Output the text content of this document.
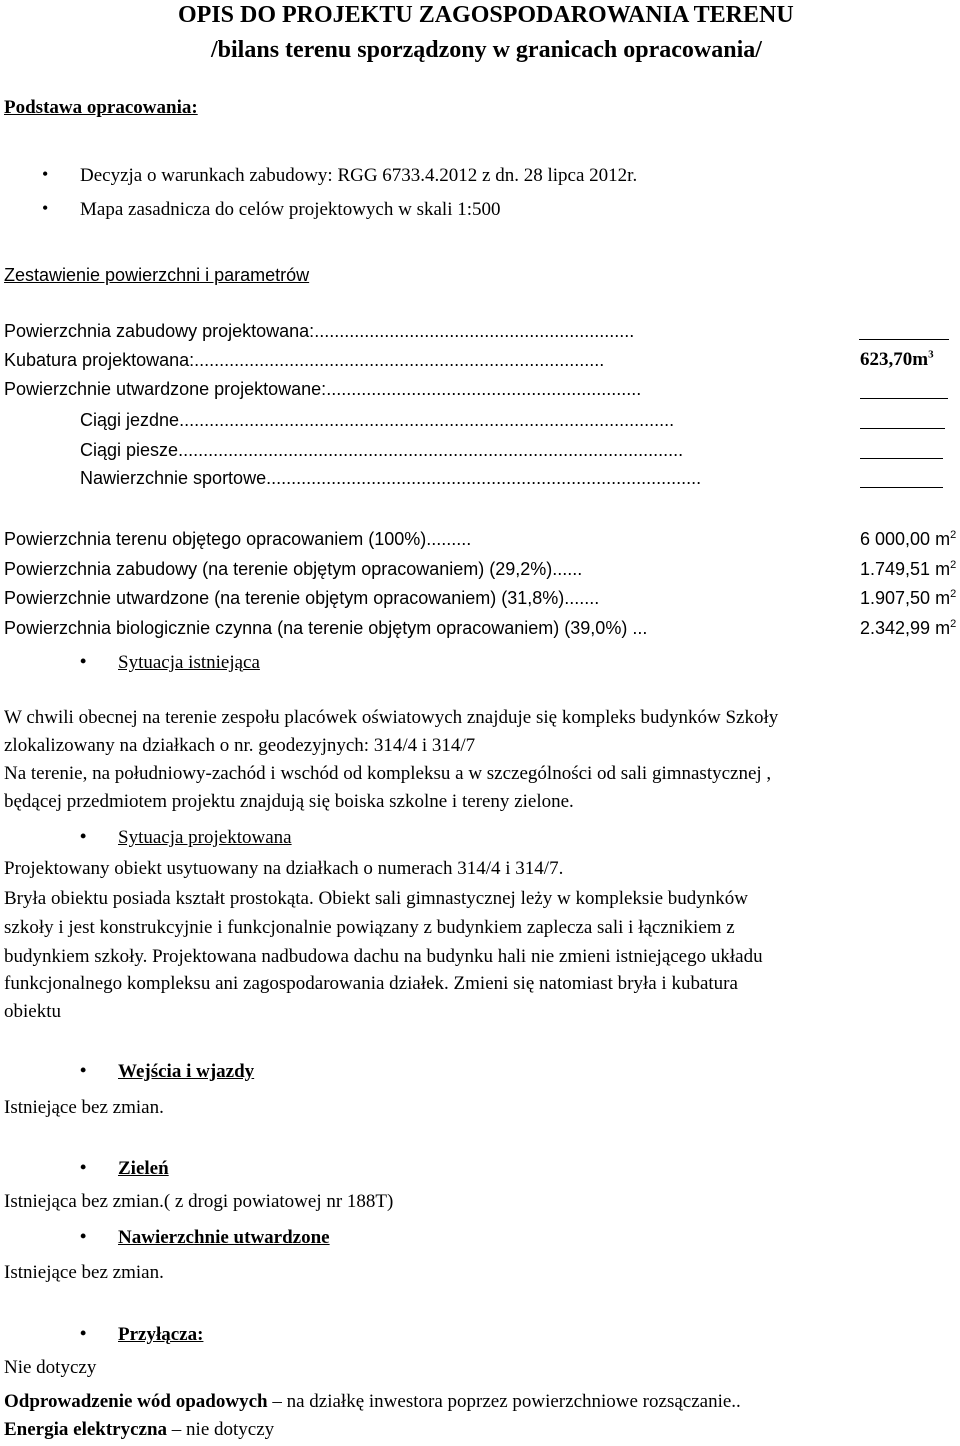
OPIS DO PROJEKTU ZAGOSPODAROWANIA TERENU
/bilans terenu sporządzony w granicach opracowania/
Podstawa opracowania:
• Decyzja o warunkach zabudowy: RGG 6733.4.2012 z dn. 28 lipca 2012r.
• Mapa zasadnicza do celów projektowych w skali 1:500
Zestawienie powierzchni i parametrów
Powierzchnia zabudowy projektowana:................................................................
Kubatura projektowana:..................................................................................	$623,70m^3$
Powierzchnie utwardzone projektowane:...............................................................
Ciągi jezdne...................................................................................................
Ciągi piesze.....................................................................................................
Nawierzchnie sportowe.......................................................................................
Powierzchnia terenu objętego opracowaniem (100%).........	6 000,00 $m^2$
Powierzchnia zabudowy (na terenie objętym opracowaniem) (29,2%)......	1.749,51 $m^2$
Powierzchnie utwardzone (na terenie objętym opracowaniem) (31,8%).......	1.907,50 $m^2$
Powierzchnia biologicznie czynna (na terenie objętym opracowaniem) (39,0%) ...	2.342,99 $m^2$
• Sytuacja istniejąca
W chwili obecnej na terenie zespołu placówek oświatowych znajduje się kompleks budynków Szkoły
zlokalizowany na działkach o nr. geodezyjnych: 314/4 i 314/7
Na terenie, na południowy-zachód i wschód od kompleksu a w szczególności od sali gimnastycznej ,
będącej przedmiotem projektu znajdują się boiska szkolne i tereny zielone.
• Sytuacja projektowana
Projektowany obiekt usytuowany na działkach o numerach 314/4 i 314/7.
Bryła obiektu posiada kształt prostokąta. Obiekt sali gimnastycznej leży w kompleksie budynków
szkoły i jest konstrukcyjnie i funkcjonalnie powiązany z budynkiem zaplecza sali i łącznikiem z
budynkiem szkoły. Projektowana nadbudowa dachu na budynku hali nie zmieni istniejącego układu
funkcjonalnego kompleksu ani zagospodarowania działek. Zmieni się natomiast bryła i kubatura
obiektu
• Wejścia i wjazdy
Istniejące bez zmian.
• Zieleń
Istniejąca bez zmian.( z drogi powiatowej nr 188T)
• Nawierzchnie utwardzone
Istniejące bez zmian.
• Przyłącza:
Nie dotyczy
Odprowadzenie wód opadowych – na działkę inwestora poprzez powierzchniowe rozsączanie..
Energia elektryczna – nie dotyczy
